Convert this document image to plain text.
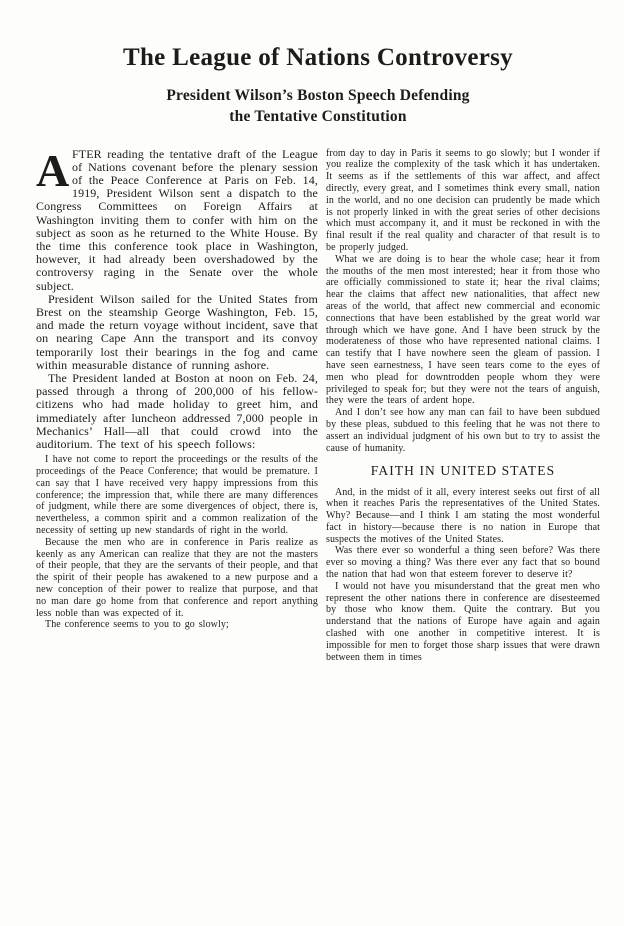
The League of Nations Controversy
President Wilson’s Boston Speech Defending
the Tentative Constitution

AFTER reading the tentative draft of the League of Nations covenant before the plenary session of the Peace Conference at Paris on Feb. 14, 1919, President Wilson sent a dispatch to the Congress Committees on Foreign Affairs at Washington inviting them to confer with him on the subject as soon as he returned to the White House. By the time this conference took place in Washington, however, it had already been overshadowed by the controversy raging in the Senate over the whole subject.

President Wilson sailed for the United States from Brest on the steamship George Washington, Feb. 15, and made the return voyage without incident, save that on nearing Cape Ann the transport and its convoy temporarily lost their bearings in the fog and came within measurable distance of running ashore.

The President landed at Boston at noon on Feb. 24, passed through a throng of 200,000 of his fellow-citizens who had made holiday to greet him, and immediately after luncheon addressed 7,000 people in Mechanics’ Hall—all that could crowd into the auditorium. The text of his speech follows:

I have not come to report the proceedings or the results of the proceedings of the Peace Conference; that would be premature. I can say that I have received very happy impressions from this conference; the impression that, while there are many differences of judgment, while there are some divergences of object, there is, nevertheless, a common spirit and a common realization of the necessity of setting up new standards of right in the world.

Because the men who are in conference in Paris realize as keenly as any American can realize that they are not the masters of their people, that they are the servants of their people, and that the spirit of their people has awakened to a new purpose and a new conception of their power to realize that purpose, and that no man dare go home from that conference and report anything less noble than was expected of it.

The conference seems to you to go slowly;

from day to day in Paris it seems to go slowly; but I wonder if you realize the complexity of the task which it has undertaken. It seems as if the settlements of this war affect, and affect directly, every great, and I sometimes think every small, nation in the world, and no one decision can prudently be made which is not properly linked in with the great series of other decisions which must accompany it, and it must be reckoned in with the final result if the real quality and character of that result is to be properly judged.

What we are doing is to hear the whole case; hear it from the mouths of the men most interested; hear it from those who are officially commissioned to state it; hear the rival claims; hear the claims that affect new nationalities, that affect new areas of the world, that affect new commercial and economic connections that have been established by the great world war through which we have gone. And I have been struck by the moderateness of those who have represented national claims. I can testify that I have nowhere seen the gleam of passion. I have seen earnestness, I have seen tears come to the eyes of men who plead for downtrodden people whom they were privileged to speak for; but they were not the tears of anguish, they were the tears of ardent hope.

And I don’t see how any man can fail to have been subdued by these pleas, subdued to this feeling that he was not there to assert an individual judgment of his own but to try to assist the cause of humanity.

FAITH IN UNITED STATES

And, in the midst of it all, every interest seeks out first of all when it reaches Paris the representatives of the United States. Why? Because—and I think I am stating the most wonderful fact in history—because there is no nation in Europe that suspects the motives of the United States.

Was there ever so wonderful a thing seen before? Was there ever so moving a thing? Was there ever any fact that so bound the nation that had won that esteem forever to deserve it?

I would not have you misunderstand that the great men who represent the other nations there in conference are disesteemed by those who know them. Quite the contrary. But you understand that the nations of Europe have again and again clashed with one another in competitive interest. It is impossible for men to forget those sharp issues that were drawn between them in times
